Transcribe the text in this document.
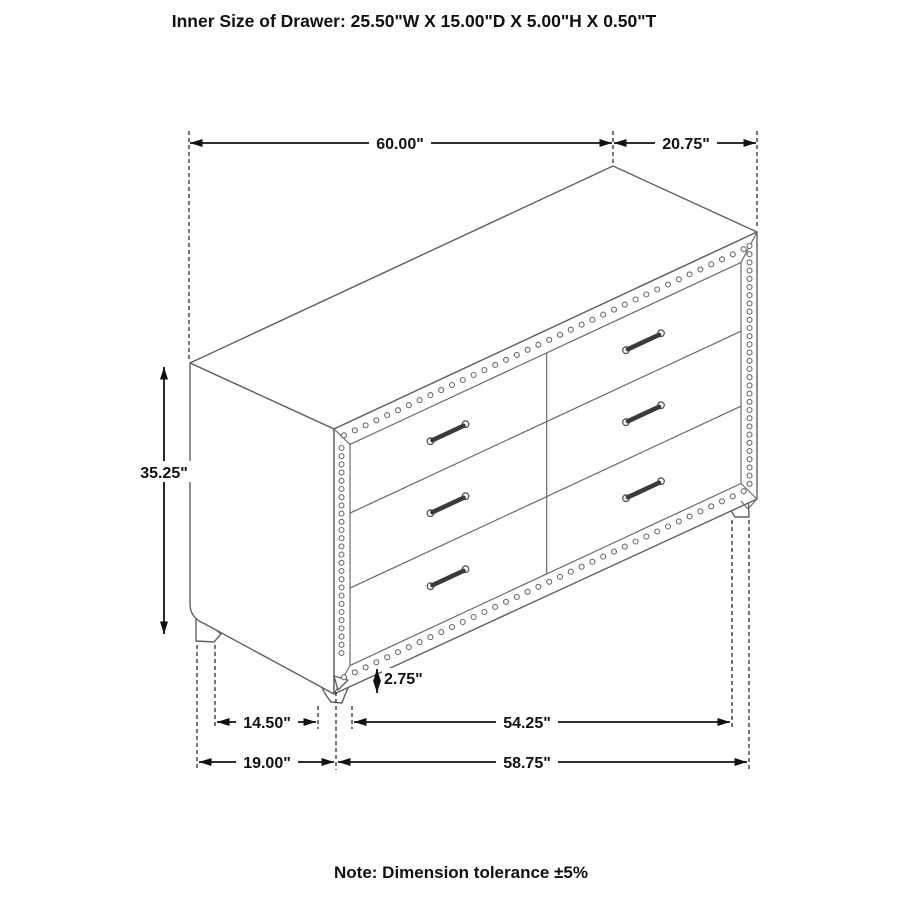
60.00"	20.75"
35.25"
2.75"
14.50"	54.25"
19.00"	58.75"
Inner Size of Drawer: 25.50"W X 15.00"D X 5.00"H X 0.50"T
Note: Dimension tolerance ±5%
